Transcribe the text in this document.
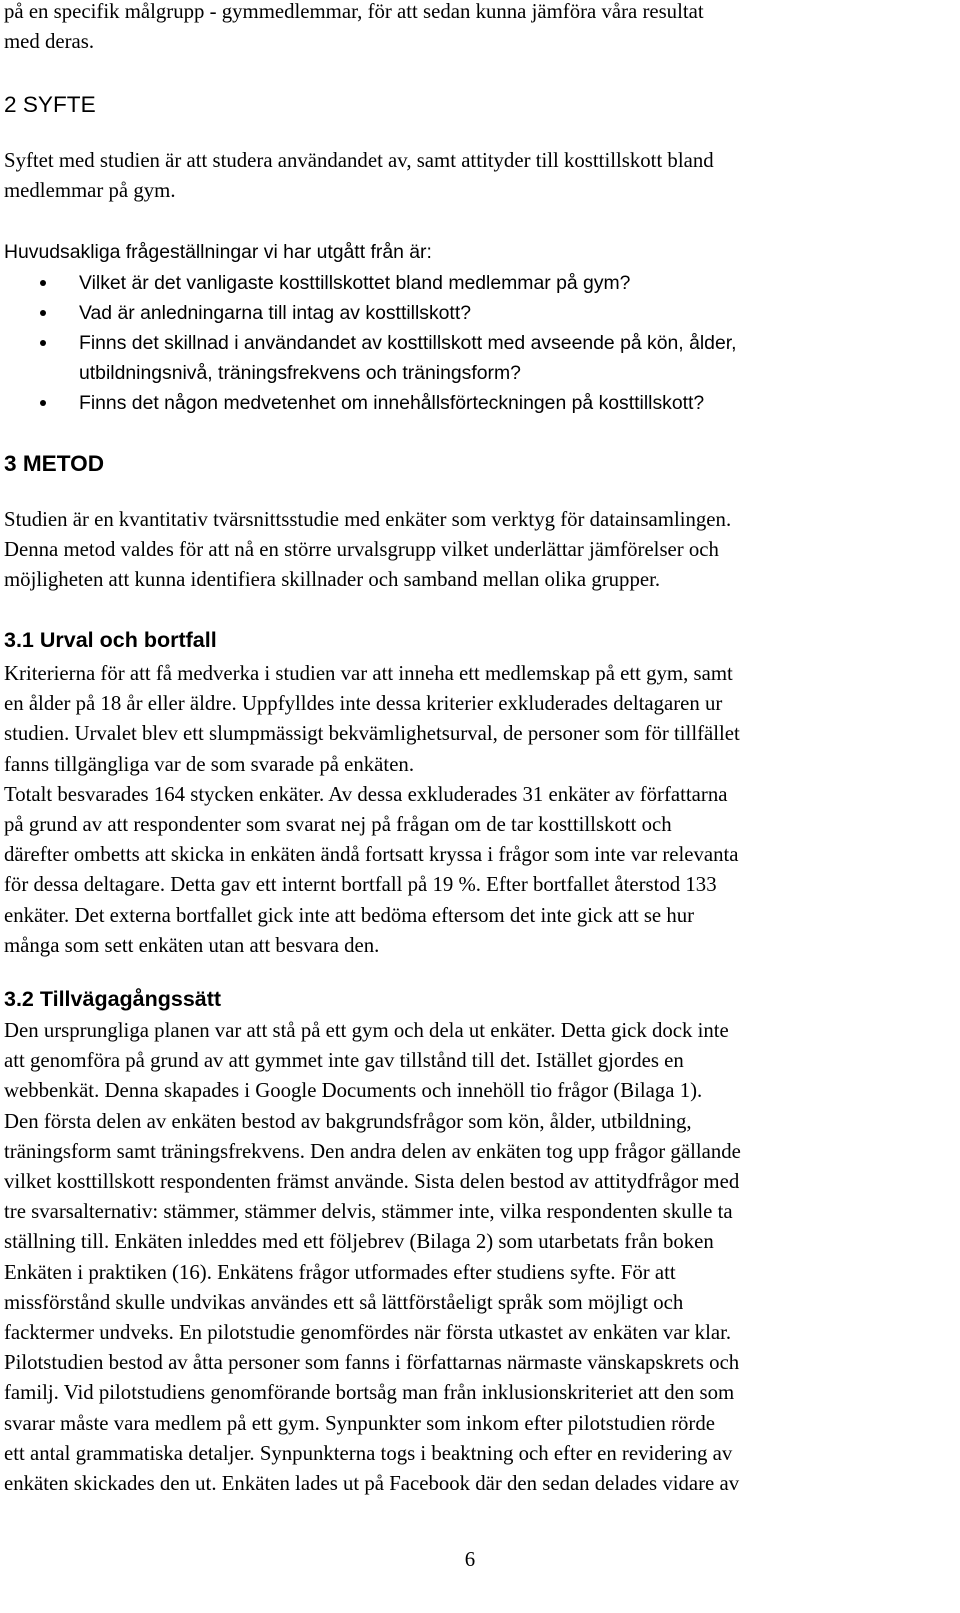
på en specifik målgrupp - gymmedlemmar, för att sedan kunna jämföra våra resultat

med deras.

2 SYFTE

Syftet med studien är att studera användandet av, samt attityder till kosttillskott bland

medlemmar på gym.

Huvudsakliga frågeställningar vi har utgått från är:
Vilket är det vanligaste kosttillskottet bland medlemmar på gym?
Vad är anledningarna till intag av kosttillskott?
Finns det skillnad i användandet av kosttillskott med avseende på kön, ålder,
utbildningsnivå, träningsfrekvens och träningsform?
Finns det någon medvetenhet om innehållsförteckningen på kosttillskott?
3 METOD

Studien är en kvantitativ tvärsnittsstudie med enkäter som verktyg för datainsamlingen.

Denna metod valdes för att nå en större urvalsgrupp vilket underlättar jämförelser och

möjligheten att kunna identifiera skillnader och samband mellan olika grupper.

3.1 Urval och bortfall

Kriterierna för att få medverka i studien var att inneha ett medlemskap på ett gym, samt

en ålder på 18 år eller äldre. Uppfylldes inte dessa kriterier exkluderades deltagaren ur

studien. Urvalet blev ett slumpmässigt bekvämlighetsurval, de personer som för tillfället

fanns tillgängliga var de som svarade på enkäten.

Totalt besvarades 164 stycken enkäter. Av dessa exkluderades 31 enkäter av författarna

på grund av att respondenter som svarat nej på frågan om de tar kosttillskott och

därefter ombetts att skicka in enkäten ändå fortsatt kryssa i frågor som inte var relevanta

för dessa deltagare. Detta gav ett internt bortfall på 19 %. Efter bortfallet återstod 133

enkäter. Det externa bortfallet gick inte att bedöma eftersom det inte gick att se hur

många som sett enkäten utan att besvara den.

3.2 Tillvägagångssätt

Den ursprungliga planen var att stå på ett gym och dela ut enkäter. Detta gick dock inte

att genomföra på grund av att gymmet inte gav tillstånd till det. Istället gjordes en

webbenkät. Denna skapades i Google Documents och innehöll tio frågor (Bilaga 1).

Den första delen av enkäten bestod av bakgrundsfrågor som kön, ålder, utbildning,

träningsform samt träningsfrekvens. Den andra delen av enkäten tog upp frågor gällande

vilket kosttillskott respondenten främst använde. Sista delen bestod av attitydfrågor med

tre svarsalternativ: stämmer, stämmer delvis, stämmer inte, vilka respondenten skulle ta

ställning till. Enkäten inleddes med ett följebrev (Bilaga 2) som utarbetats från boken

Enkäten i praktiken (16). Enkätens frågor utformades efter studiens syfte. För att

missförstånd skulle undvikas användes ett så lättförståeligt språk som möjligt och

facktermer undveks. En pilotstudie genomfördes när första utkastet av enkäten var klar.

Pilotstudien bestod av åtta personer som fanns i författarnas närmaste vänskapskrets och

familj. Vid pilotstudiens genomförande bortsåg man från inklusionskriteriet att den som

svarar måste vara medlem på ett gym. Synpunkter som inkom efter pilotstudien rörde

ett antal grammatiska detaljer. Synpunkterna togs i beaktning och efter en revidering av

enkäten skickades den ut. Enkäten lades ut på Facebook där den sedan delades vidare av

6
